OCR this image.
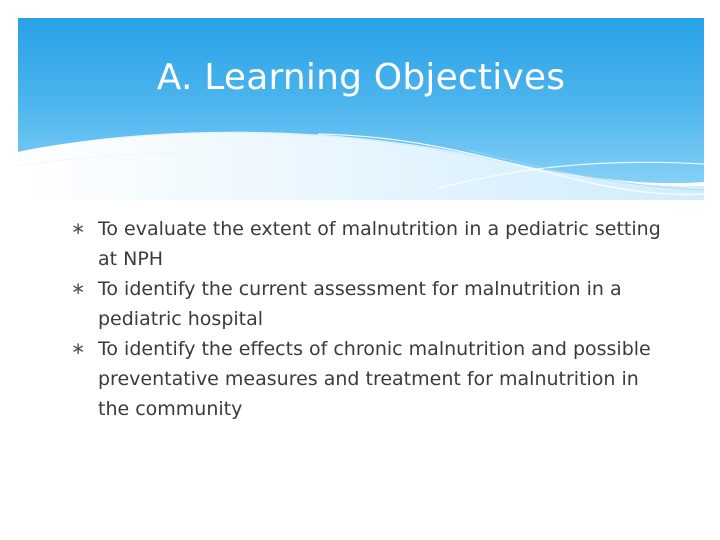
A. Learning Objectives
∗ To evaluate the extent of malnutrition in a pediatric setting at NPH
∗ To identify the current assessment for malnutrition in a pediatric hospital
∗ To identify the effects of chronic malnutrition and possible preventative measures and treatment for malnutrition in the community
